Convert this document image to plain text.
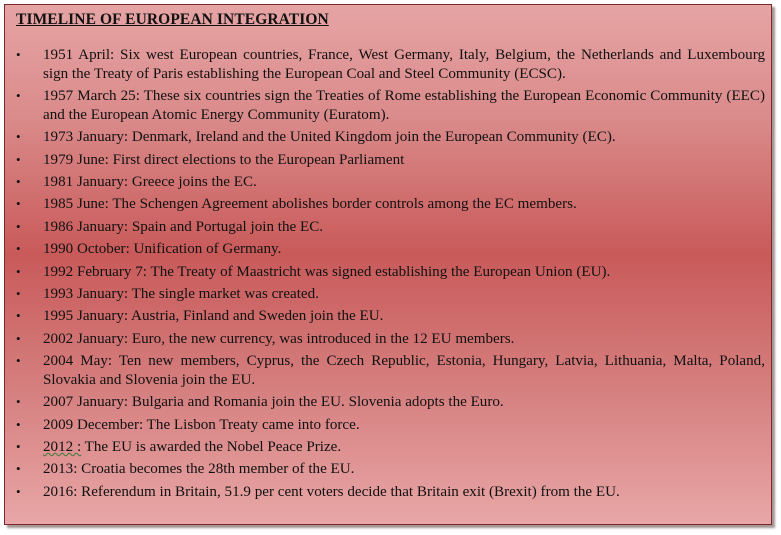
TIMELINE OF EUROPEAN INTEGRATION
• 1951 April: Six west European countries, France, West Germany, Italy, Belgium, the Netherlands and Luxembourg sign the Treaty of Paris establishing the European Coal and Steel Community (ECSC).
• 1957 March 25: These six countries sign the Treaties of Rome establishing the European Economic Community (EEC) and the European Atomic Energy Community (Euratom).
• 1973 January: Denmark, Ireland and the United Kingdom join the European Community (EC).
• 1979 June: First direct elections to the European Parliament
• 1981 January: Greece joins the EC.
• 1985 June: The Schengen Agreement abolishes border controls among the EC members.
• 1986 January: Spain and Portugal join the EC.
• 1990 October: Unification of Germany.
• 1992 February 7: The Treaty of Maastricht was signed establishing the European Union (EU).
• 1993 January: The single market was created.
• 1995 January: Austria, Finland and Sweden join the EU.
• 2002 January: Euro, the new currency, was introduced in the 12 EU members.
• 2004 May: Ten new members, Cyprus, the Czech Republic, Estonia, Hungary, Latvia, Lithuania, Malta, Poland, Slovakia and Slovenia join the EU.
• 2007 January: Bulgaria and Romania join the EU. Slovenia adopts the Euro.
• 2009 December: The Lisbon Treaty came into force.
• 2012 : The EU is awarded the Nobel Peace Prize.
• 2013: Croatia becomes the 28th member of the EU.
• 2016: Referendum in Britain, 51.9 per cent voters decide that Britain exit (Brexit) from the EU.
